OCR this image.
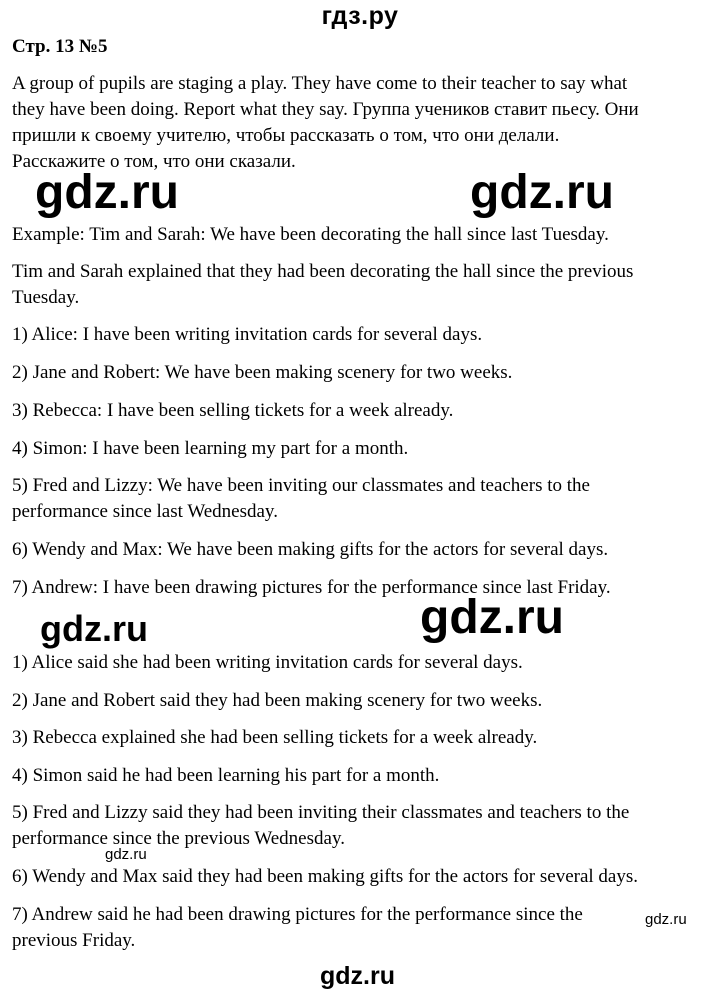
гдз.ру

Стр. 13 №5

A group of pupils are staging a play. They have come to their teacher to say what

they have been doing. Report what they say. Группа учеников ставит пьесу. Они

пришли к своему учителю, чтобы рассказать о том, что они делали.

Расскажите о том, что они сказали.

Example: Tim and Sarah: We have been decorating the hall since last Tuesday.

Tim and Sarah explained that they had been decorating the hall since the previous

Tuesday.

1) Alice: I have been writing invitation cards for several days.

2) Jane and Robert: We have been making scenery for two weeks.

3) Rebecca: I have been selling tickets for a week already.

4) Simon: I have been learning my part for a month.

5) Fred and Lizzy: We have been inviting our classmates and teachers to the

performance since last Wednesday.

6) Wendy and Max: We have been making gifts for the actors for several days.

7) Andrew: I have been drawing pictures for the performance since last Friday.

1) Alice said she had been writing invitation cards for several days.

2) Jane and Robert said they had been making scenery for two weeks.

3) Rebecca explained she had been selling tickets for a week already.

4) Simon said he had been learning his part for a month.

5) Fred and Lizzy said they had been inviting their classmates and teachers to the

performance since the previous Wednesday.

6) Wendy and Max said they had been making gifts for the actors for several days.

7) Andrew said he had been drawing pictures for the performance since the

previous Friday.

gdz.ru	gdz.ru
gdz.ru	gdz.ru
gdz.ru
gdz.ru
gdz.ru
